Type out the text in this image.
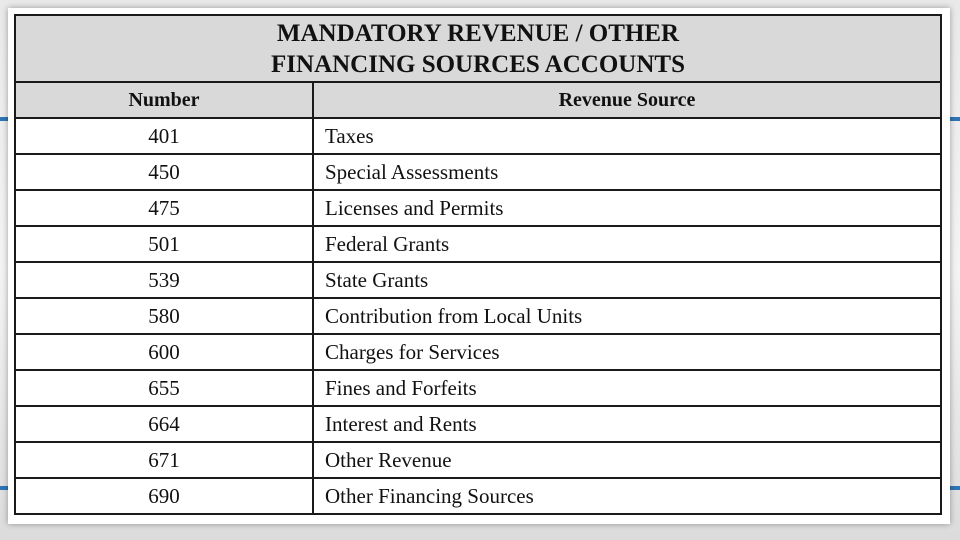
MANDATORY REVENUE / OTHER
FINANCING SOURCES ACCOUNTS	

Number	Revenue Source
401	Taxes
450	Special Assessments
475	Licenses and Permits
501	Federal Grants
539	State Grants
580	Contribution from Local Units
600	Charges for Services
655	Fines and Forfeits
664	Interest and Rents
671	Other Revenue
690	Other Financing Sources
